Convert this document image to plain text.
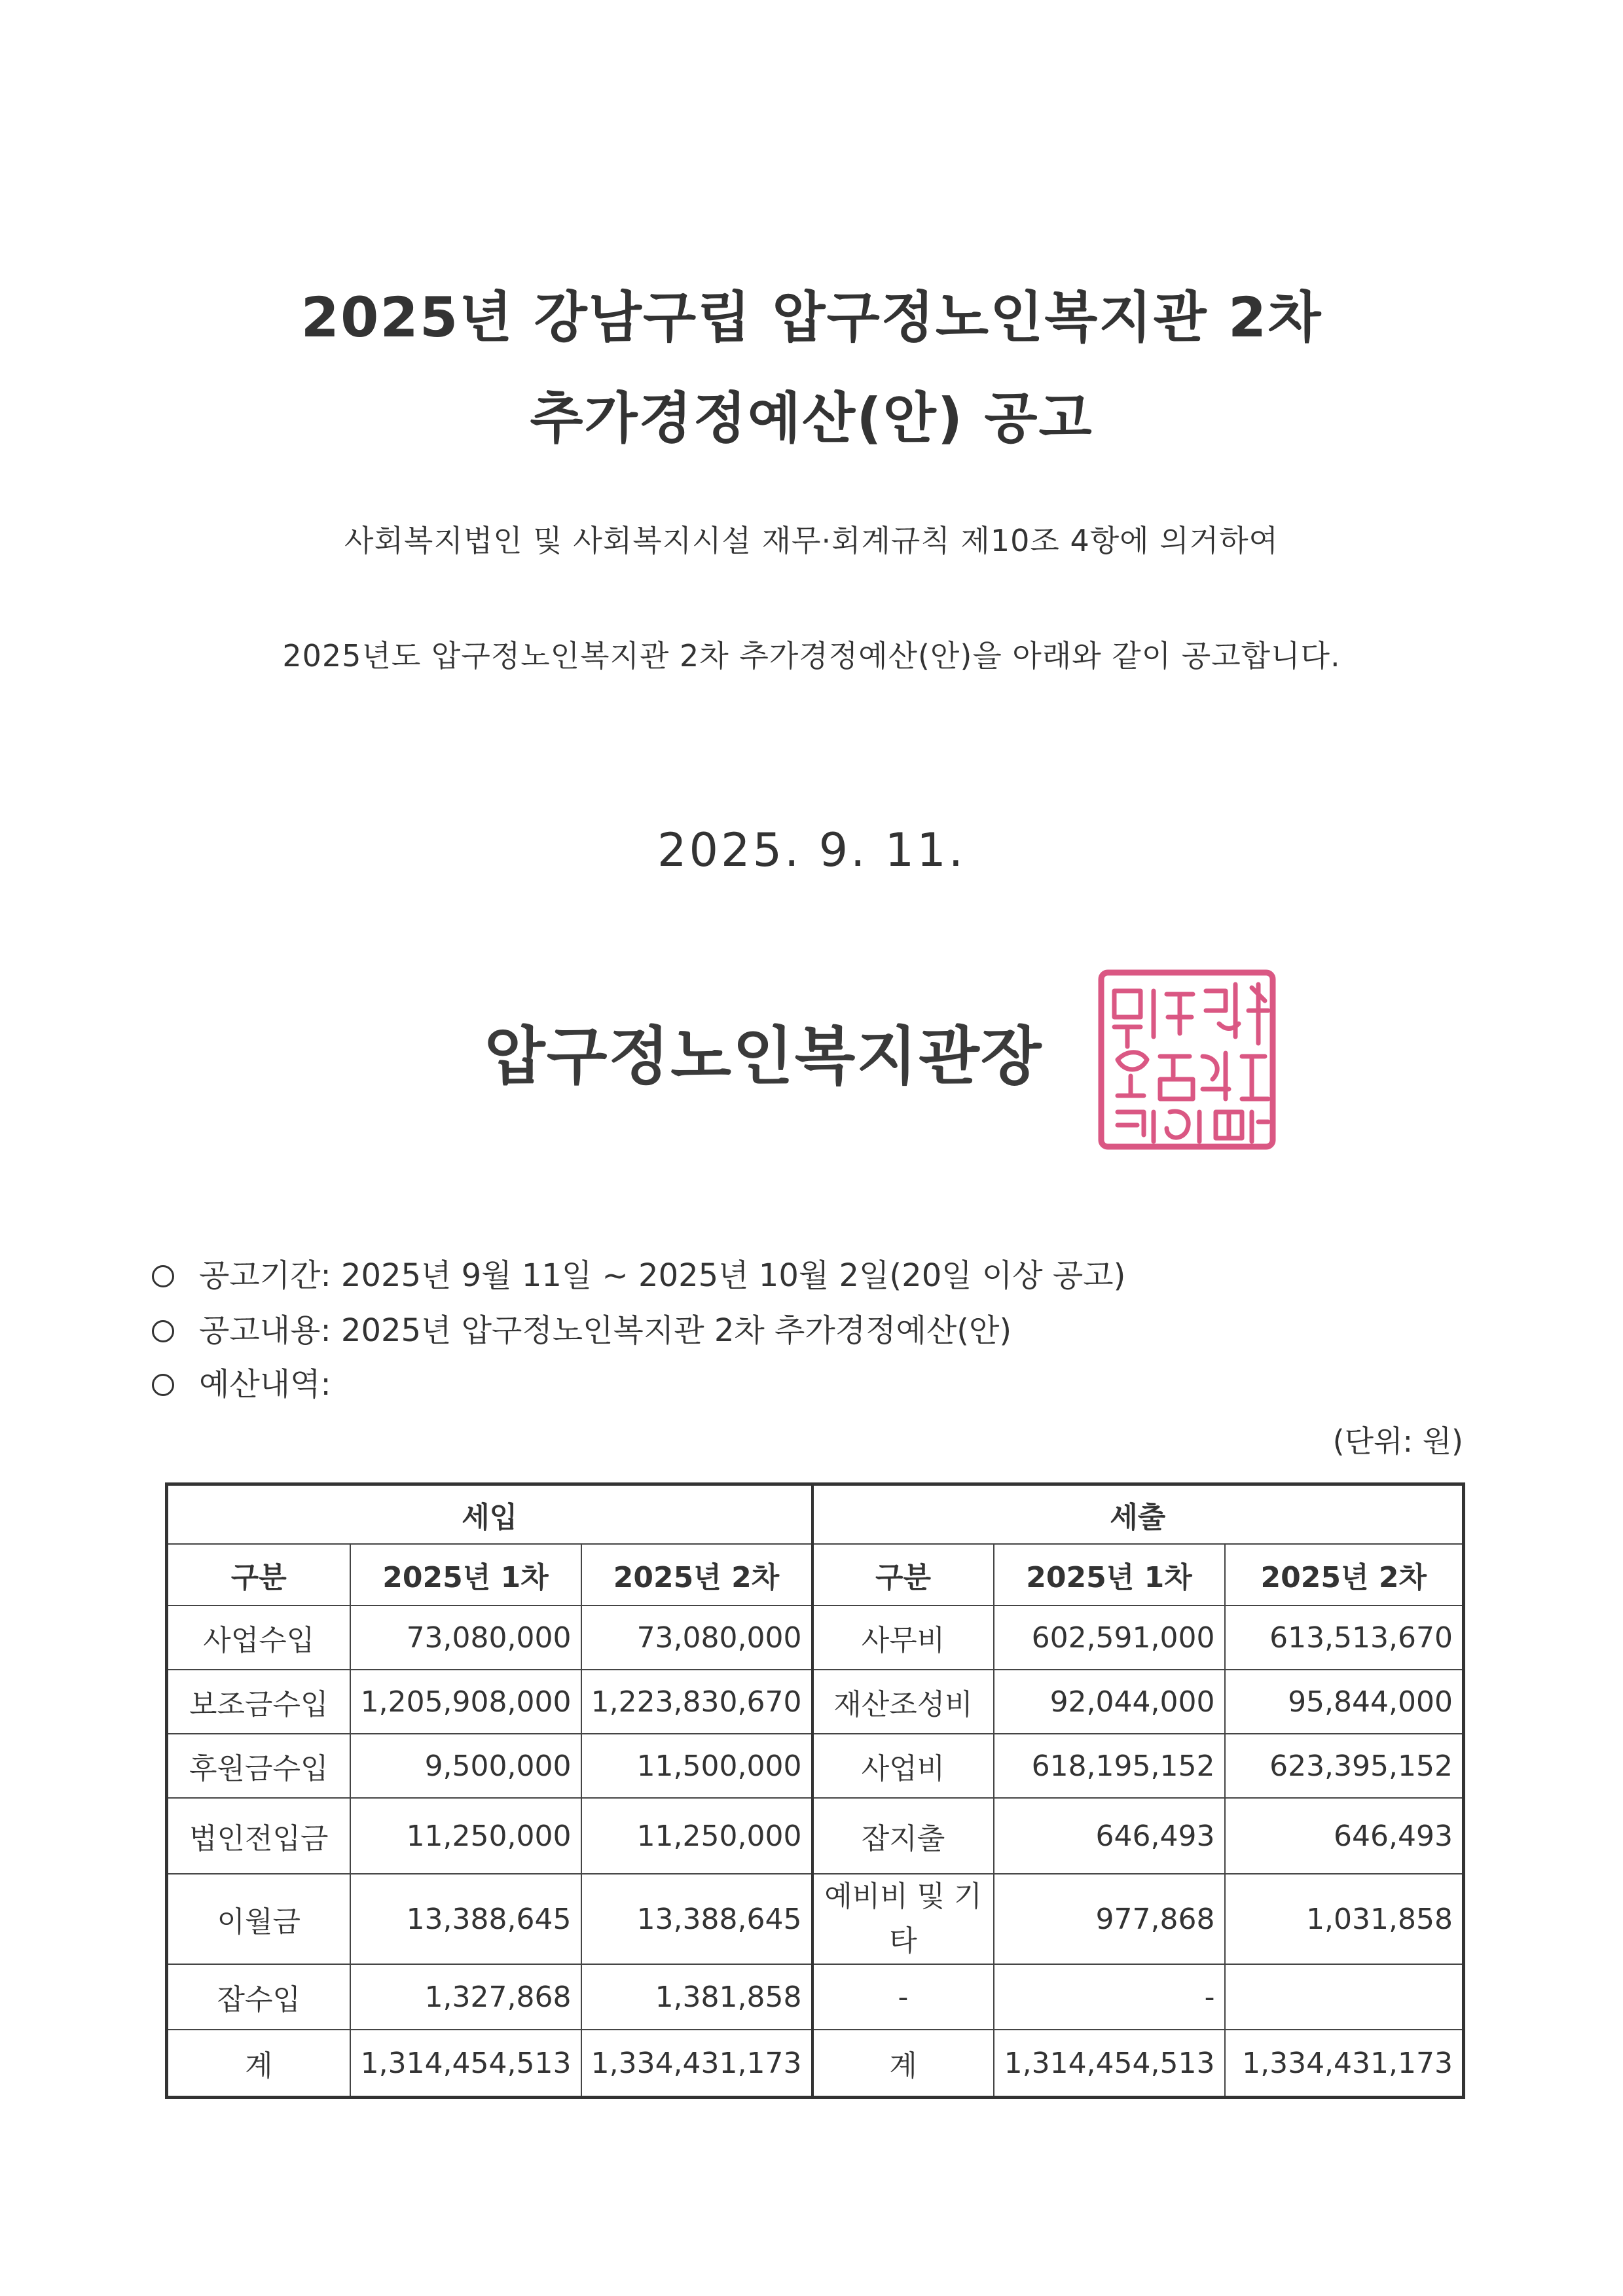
2025년 강남구립 압구정노인복지관 2차
추가경정예산(안) 공고
사회복지법인 및 사회복지시설 재무·회계규칙 제10조 4항에 의거하여
2025년도 압구정노인복지관 2차 추가경정예산(안)을 아래와 같이 공고합니다.
2025. 9. 11.
압구정노인복지관장
공고기간: 2025년 9월 11일 ~ 2025년 10월 2일(20일 이상 공고)
공고내용: 2025년 압구정노인복지관 2차 추가경정예산(안)
예산내역:
(단위: 원)
세입			세출		
구분	2025년 1차	2025년 2차	구분	2025년 1차	2025년 2차
사업수입	73,080,000	73,080,000	사무비	602,591,000	613,513,670
보조금수입	1,205,908,000	1,223,830,670	재산조성비	92,044,000	95,844,000
후원금수입	9,500,000	11,500,000	사업비	618,195,152	623,395,152
법인전입금	11,250,000	11,250,000	잡지출	646,493	646,493
이월금	13,388,645	13,388,645	예비비 및 기타	977,868	1,031,858
잡수입	1,327,868	1,381,858	-	-	
계	1,314,454,513	1,334,431,173	계	1,314,454,513	1,334,431,173
